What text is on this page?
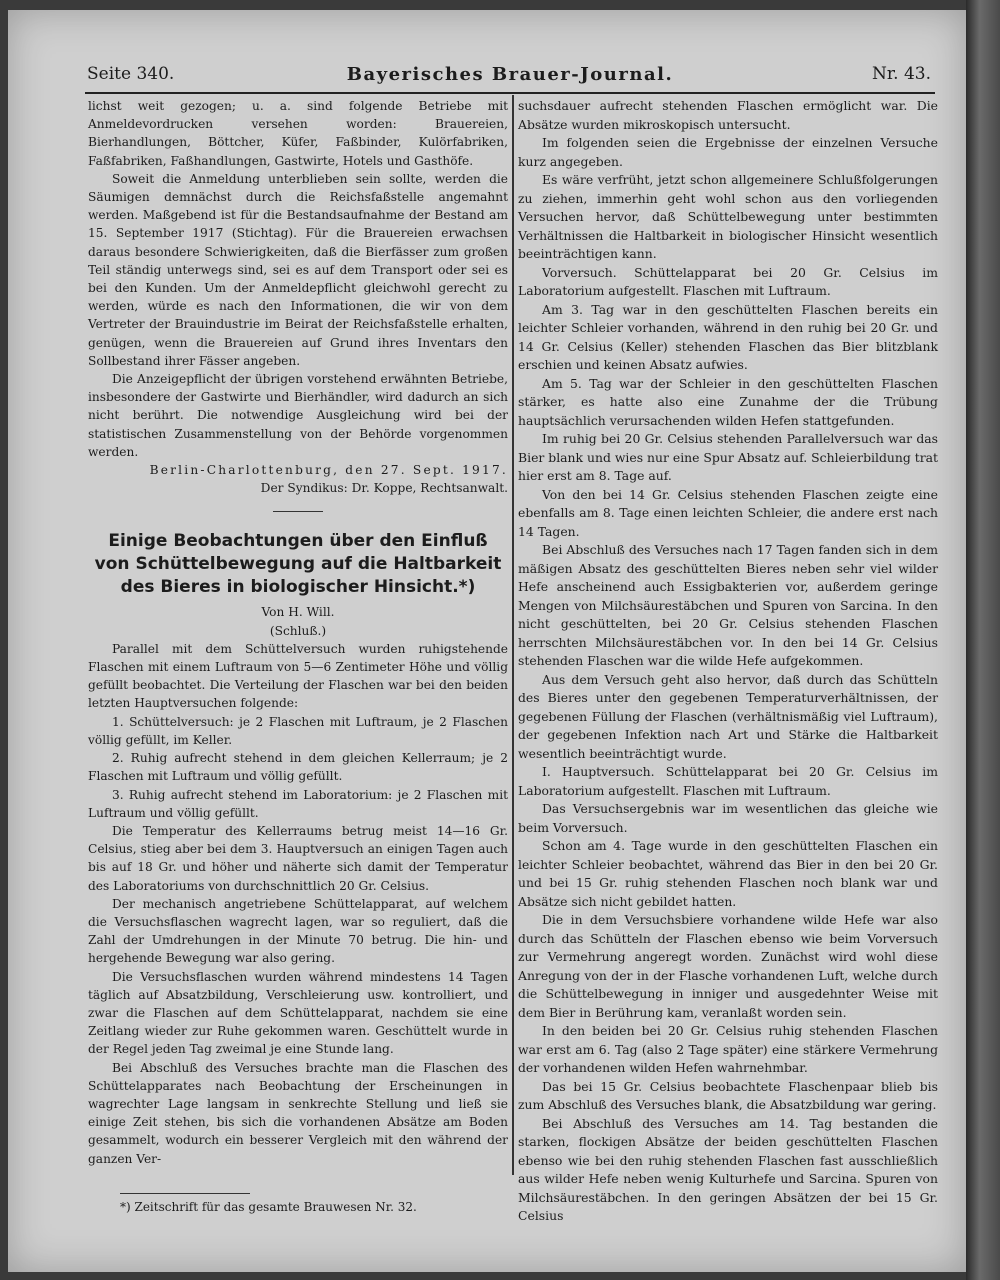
Seite 340.	Bayerisches Brauer-Journal.	Nr. 43.

lichst weit gezogen; u. a. sind folgende Betriebe mit Anmeldevordrucken versehen worden: Brauereien, Bierhandlungen, Böttcher, Küfer, Faßbinder, Kulörfabriken, Faßfabriken, Faßhandlungen, Gastwirte, Hotels und Gasthöfe.

Soweit die Anmeldung unterblieben sein sollte, werden die Säumigen demnächst durch die Reichsfaßstelle angemahnt werden. Maßgebend ist für die Bestandsaufnahme der Bestand am 15. September 1917 (Stichtag). Für die Brauereien erwachsen daraus besondere Schwierigkeiten, daß die Bierfässer zum großen Teil ständig unterwegs sind, sei es auf dem Transport oder sei es bei den Kunden. Um der Anmeldepflicht gleichwohl gerecht zu werden, würde es nach den Informationen, die wir von dem Vertreter der Brauindustrie im Beirat der Reichsfaßstelle erhalten, genügen, wenn die Brauereien auf Grund ihres Inventars den Sollbestand ihrer Fässer angeben.

Die Anzeigepflicht der übrigen vorstehend erwähnten Betriebe, insbesondere der Gastwirte und Bierhändler, wird dadurch an sich nicht berührt. Die notwendige Ausgleichung wird bei der statistischen Zusammenstellung von der Behörde vorgenommen werden.

Berlin-Charlottenburg, den 27. Sept. 1917.

Der Syndikus: Dr. Koppe, Rechtsanwalt.

Einige Beobachtungen über den Einfluß von Schüttelbewegung auf die Haltbarkeit des Bieres in biologischer Hinsicht.*)

Von H. Will.

(Schluß.)

Parallel mit dem Schüttelversuch wurden ruhigstehende Flaschen mit einem Luftraum von 5—6 Zentimeter Höhe und völlig gefüllt beobachtet. Die Verteilung der Flaschen war bei den beiden letzten Hauptversuchen folgende:

1. Schüttelversuch: je 2 Flaschen mit Luftraum, je 2 Flaschen völlig gefüllt, im Keller.

2. Ruhig aufrecht stehend in dem gleichen Kellerraum; je 2 Flaschen mit Luftraum und völlig gefüllt.

3. Ruhig aufrecht stehend im Laboratorium: je 2 Flaschen mit Luftraum und völlig gefüllt.

Die Temperatur des Kellerraums betrug meist 14—16 Gr. Celsius, stieg aber bei dem 3. Hauptversuch an einigen Tagen auch bis auf 18 Gr. und höher und näherte sich damit der Temperatur des Laboratoriums von durchschnittlich 20 Gr. Celsius.

Der mechanisch angetriebene Schüttelapparat, auf welchem die Versuchsflaschen wagrecht lagen, war so reguliert, daß die Zahl der Umdrehungen in der Minute 70 betrug. Die hin- und hergehende Bewegung war also gering.

Die Versuchsflaschen wurden während mindestens 14 Tagen täglich auf Absatzbildung, Verschleierung usw. kontrolliert, und zwar die Flaschen auf dem Schüttelapparat, nachdem sie eine Zeitlang wieder zur Ruhe gekommen waren. Geschüttelt wurde in der Regel jeden Tag zweimal je eine Stunde lang.

Bei Abschluß des Versuches brachte man die Flaschen des Schüttelapparates nach Beobachtung der Erscheinungen in wagrechter Lage langsam in senkrechte Stellung und ließ sie einige Zeit stehen, bis sich die vorhandenen Absätze am Boden gesammelt, wodurch ein besserer Vergleich mit den während der ganzen Ver-

suchsdauer aufrecht stehenden Flaschen ermöglicht war. Die Absätze wurden mikroskopisch untersucht.

Im folgenden seien die Ergebnisse der einzelnen Versuche kurz angegeben.

Es wäre verfrüht, jetzt schon allgemeinere Schlußfolgerungen zu ziehen, immerhin geht wohl schon aus den vorliegenden Versuchen hervor, daß Schüttelbewegung unter bestimmten Verhältnissen die Haltbarkeit in biologischer Hinsicht wesentlich beeinträchtigen kann.

Vorversuch. Schüttelapparat bei 20 Gr. Celsius im Laboratorium aufgestellt. Flaschen mit Luftraum.

Am 3. Tag war in den geschüttelten Flaschen bereits ein leichter Schleier vorhanden, während in den ruhig bei 20 Gr. und 14 Gr. Celsius (Keller) stehenden Flaschen das Bier blitzblank erschien und keinen Absatz aufwies.

Am 5. Tag war der Schleier in den geschüttelten Flaschen stärker, es hatte also eine Zunahme der die Trübung hauptsächlich verursachenden wilden Hefen stattgefunden.

Im ruhig bei 20 Gr. Celsius stehenden Parallelversuch war das Bier blank und wies nur eine Spur Absatz auf. Schleierbildung trat hier erst am 8. Tage auf.

Von den bei 14 Gr. Celsius stehenden Flaschen zeigte eine ebenfalls am 8. Tage einen leichten Schleier, die andere erst nach 14 Tagen.

Bei Abschluß des Versuches nach 17 Tagen fanden sich in dem mäßigen Absatz des geschüttelten Bieres neben sehr viel wilder Hefe anscheinend auch Essigbakterien vor, außerdem geringe Mengen von Milchsäurestäbchen und Spuren von Sarcina. In den nicht geschüttelten, bei 20 Gr. Celsius stehenden Flaschen herrschten Milchsäurestäbchen vor. In den bei 14 Gr. Celsius stehenden Flaschen war die wilde Hefe aufgekommen.

Aus dem Versuch geht also hervor, daß durch das Schütteln des Bieres unter den gegebenen Temperaturverhältnissen, der gegebenen Füllung der Flaschen (verhältnismäßig viel Luftraum), der gegebenen Infektion nach Art und Stärke die Haltbarkeit wesentlich beeinträchtigt wurde.

I. Hauptversuch. Schüttelapparat bei 20 Gr. Celsius im Laboratorium aufgestellt. Flaschen mit Luftraum.

Das Versuchsergebnis war im wesentlichen das gleiche wie beim Vorversuch.

Schon am 4. Tage wurde in den geschüttelten Flaschen ein leichter Schleier beobachtet, während das Bier in den bei 20 Gr. und bei 15 Gr. ruhig stehenden Flaschen noch blank war und Absätze sich nicht gebildet hatten.

Die in dem Versuchsbiere vorhandene wilde Hefe war also durch das Schütteln der Flaschen ebenso wie beim Vorversuch zur Vermehrung angeregt worden. Zunächst wird wohl diese Anregung von der in der Flasche vorhandenen Luft, welche durch die Schüttelbewegung in inniger und ausgedehnter Weise mit dem Bier in Berührung kam, veranlaßt worden sein.

In den beiden bei 20 Gr. Celsius ruhig stehenden Flaschen war erst am 6. Tag (also 2 Tage später) eine stärkere Vermehrung der vorhandenen wilden Hefen wahrnehmbar.

Das bei 15 Gr. Celsius beobachtete Flaschenpaar blieb bis zum Abschluß des Versuches blank, die Absatzbildung war gering.

Bei Abschluß des Versuches am 14. Tag bestanden die starken, flockigen Absätze der beiden geschüttelten Flaschen ebenso wie bei den ruhig stehenden Flaschen fast ausschließlich aus wilder Hefe neben wenig Kulturhefe und Sarcina. Spuren von Milchsäurestäbchen. In den geringen Absätzen der bei 15 Gr. Celsius

*) Zeitschrift für das gesamte Brauwesen Nr. 32.
